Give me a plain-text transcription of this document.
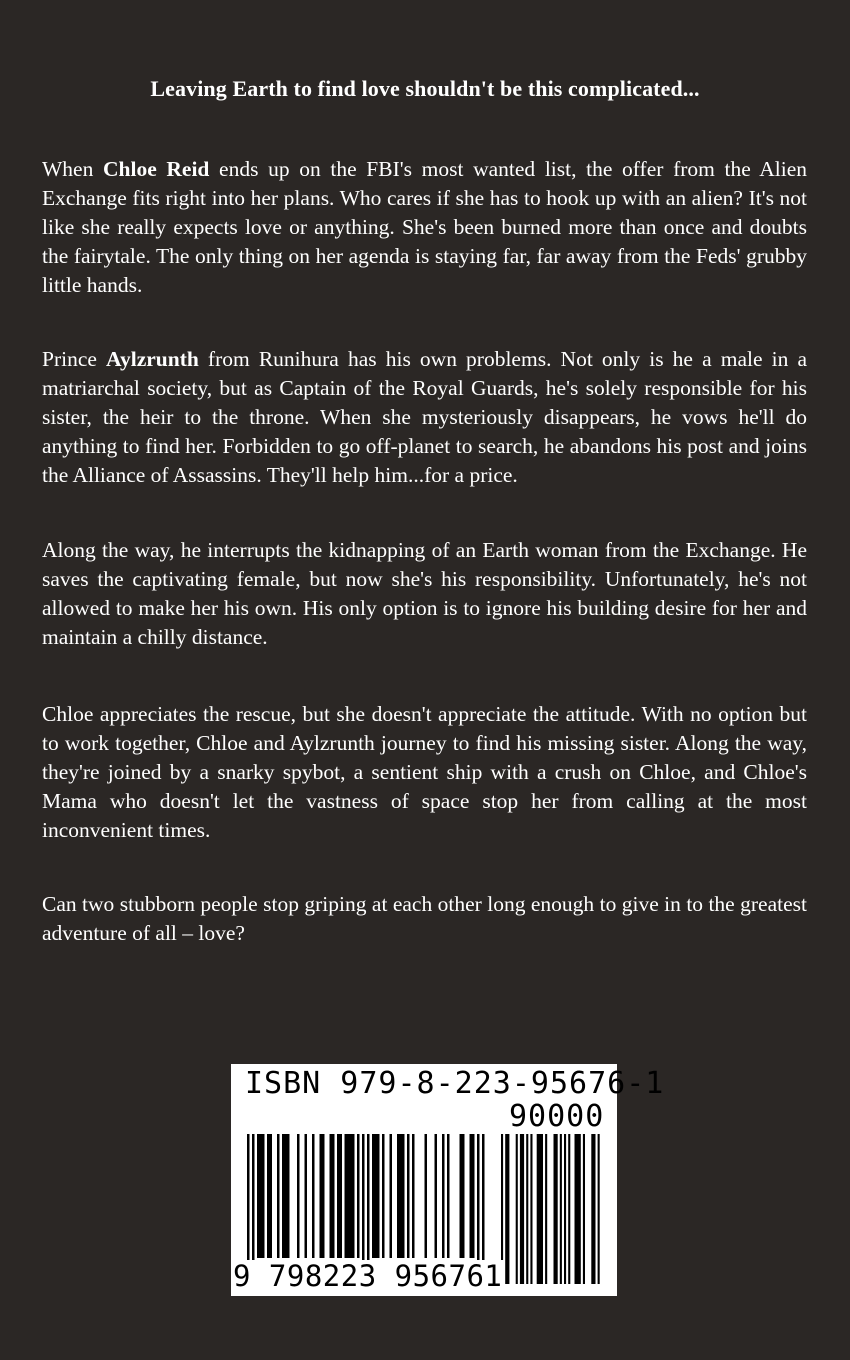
Leaving Earth to find love shouldn't be this complicated...

When Chloe Reid ends up on the FBI's most wanted list, the offer from the Alien Exchange fits right into her plans. Who cares if she has to hook up with an alien? It's not like she really expects love or anything. She's been burned more than once and doubts the fairytale. The only thing on her agenda is staying far, far away from the Feds' grubby little hands.

Prince Aylzrunth from Runihura has his own problems. Not only is he a male in a matriarchal society, but as Captain of the Royal Guards, he's solely responsible for his sister, the heir to the throne. When she mysteriously disappears, he vows he'll do anything to find her. Forbidden to go off-planet to search, he abandons his post and joins the Alliance of Assassins. They'll help him...for a price.

Along the way, he interrupts the kidnapping of an Earth woman from the Exchange. He saves the captivating female, but now she's his responsibility. Unfortunately, he's not allowed to make her his own. His only option is to ignore his building desire for her and maintain a chilly distance.

Chloe appreciates the rescue, but she doesn't appreciate the attitude. With no option but to work together, Chloe and Aylzrunth journey to find his missing sister. Along the way, they're joined by a snarky spybot, a sentient ship with a crush on Chloe, and Chloe's Mama who doesn't let the vastness of space stop her from calling at the most inconvenient times.

Can two stubborn people stop griping at each other long enough to give in to the greatest adventure of all – love?

ISBN 979-8-223-95676-1
90000
9 798223 956761
